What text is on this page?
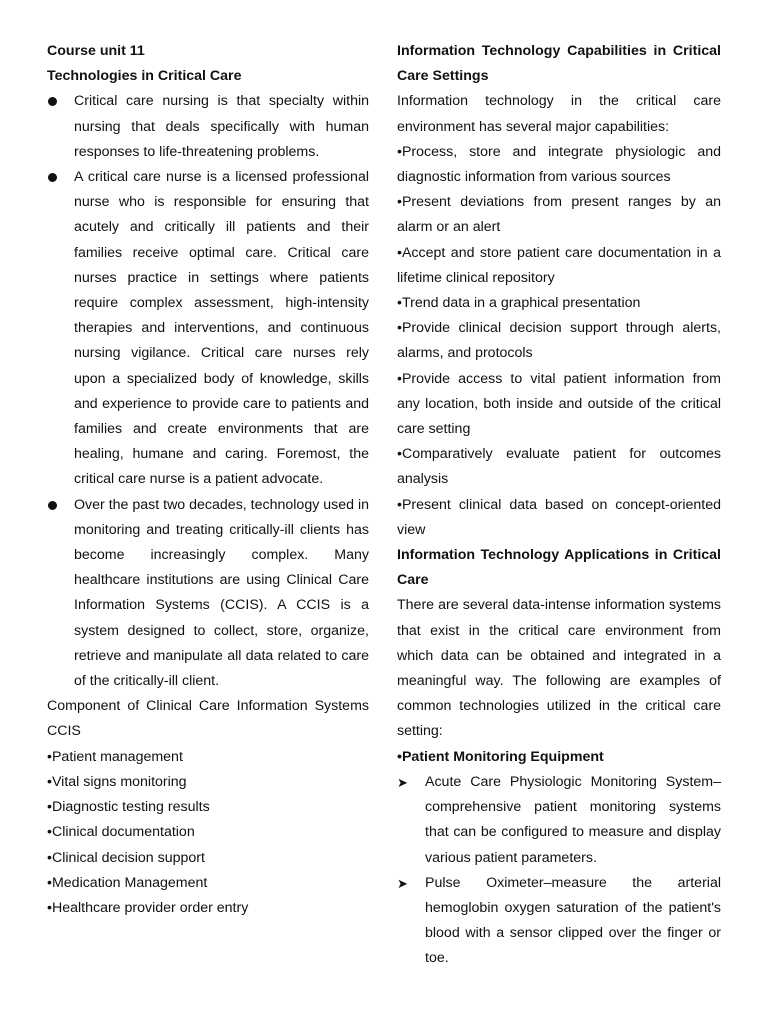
Course unit 11

Technologies in Critical Care

Critical care nursing is that specialty within nursing that deals specifically with human responses to life-threatening problems.
A critical care nurse is a licensed professional nurse who is responsible for ensuring that acutely and critically ill patients and their families receive optimal care. Critical care nurses practice in settings where patients require complex assessment, high-intensity therapies and interventions, and continuous nursing vigilance. Critical care nurses rely upon a specialized body of knowledge, skills and experience to provide care to patients and families and create environments that are healing, humane and caring. Foremost, the critical care nurse is a patient advocate.
Over the past two decades, technology used in monitoring and treating critically-ill clients has become increasingly complex. Many healthcare institutions are using Clinical Care Information Systems (CCIS). A CCIS is a system designed to collect, store, organize, retrieve and manipulate all data related to care of the critically-ill client.

Component of Clinical Care Information Systems CCIS

•Patient management

•Vital signs monitoring

•Diagnostic testing results

•Clinical documentation

•Clinical decision support

•Medication Management

•Healthcare provider order entry

Information Technology Capabilities in Critical Care Settings

Information technology in the critical care environment has several major capabilities:

•Process, store and integrate physiologic and diagnostic information from various sources

•Present deviations from present ranges by an alarm or an alert

•Accept and store patient care documentation in a lifetime clinical repository

•Trend data in a graphical presentation

•Provide clinical decision support through alerts, alarms, and protocols

•Provide access to vital patient information from any location, both inside and outside of the critical care setting

•Comparatively evaluate patient for outcomes analysis

•Present clinical data based on concept-oriented view

Information Technology Applications in Critical Care

There are several data-intense information systems that exist in the critical care environment from which data can be obtained and integrated in a meaningful way. The following are examples of common technologies utilized in the critical care setting:

•Patient Monitoring Equipment

➤ Acute Care Physiologic Monitoring System–comprehensive patient monitoring systems that can be configured to measure and display various patient parameters.
➤ Pulse Oximeter–measure the arterial hemoglobin oxygen saturation of the patient's blood with a sensor clipped over the finger or toe.
